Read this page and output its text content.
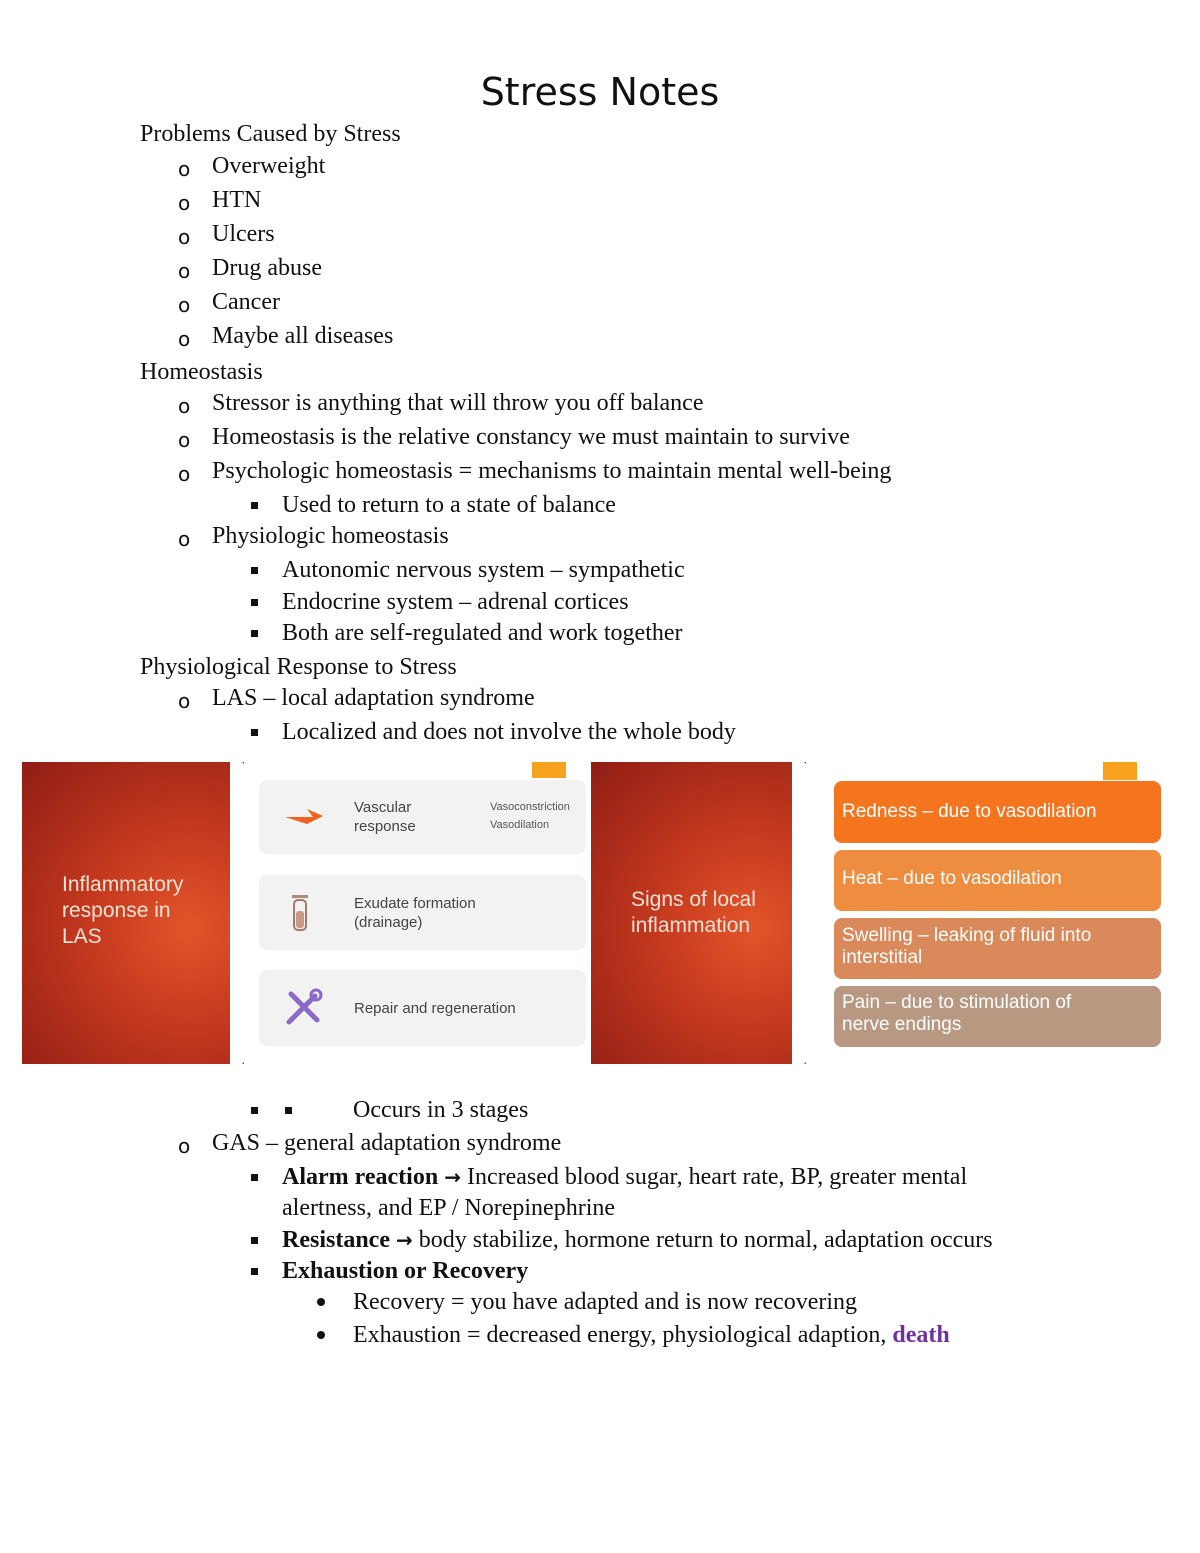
Stress Notes
Problems Caused by Stress
o Overweight
o HTN
o Ulcers
o Drug abuse
o Cancer
o Maybe all diseases
Homeostasis
o Stressor is anything that will throw you off balance
o Homeostasis is the relative constancy we must maintain to survive
o Psychologic homeostasis = mechanisms to maintain mental well-being
Used to return to a state of balance
o Physiologic homeostasis
Autonomic nervous system – sympathetic
Endocrine system – adrenal cortices
Both are self-regulated and work together
Physiological Response to Stress
o LAS – local adaptation syndrome
Localized and does not involve the whole body
Inflammatory
response in
LAS
Vascular
response
Vasoconstriction
Vasodilation
Exudate formation
(drainage)
Repair and regeneration
Signs of local
inflammation
Redness – due to vasodilation
Heat – due to vasodilation
Swelling – leaking of fluid into
interstitial
Pain – due to stimulation of
nerve endings
Occurs in 3 stages
o GAS – general adaptation syndrome
Alarm reaction → Increased blood sugar, heart rate, BP, greater mental
alertness, and EP / Norepinephrine
Resistance → body stabilize, hormone return to normal, adaptation occurs
Exhaustion or Recovery
Recovery = you have adapted and is now recovering
Exhaustion = decreased energy, physiological adaption, death
